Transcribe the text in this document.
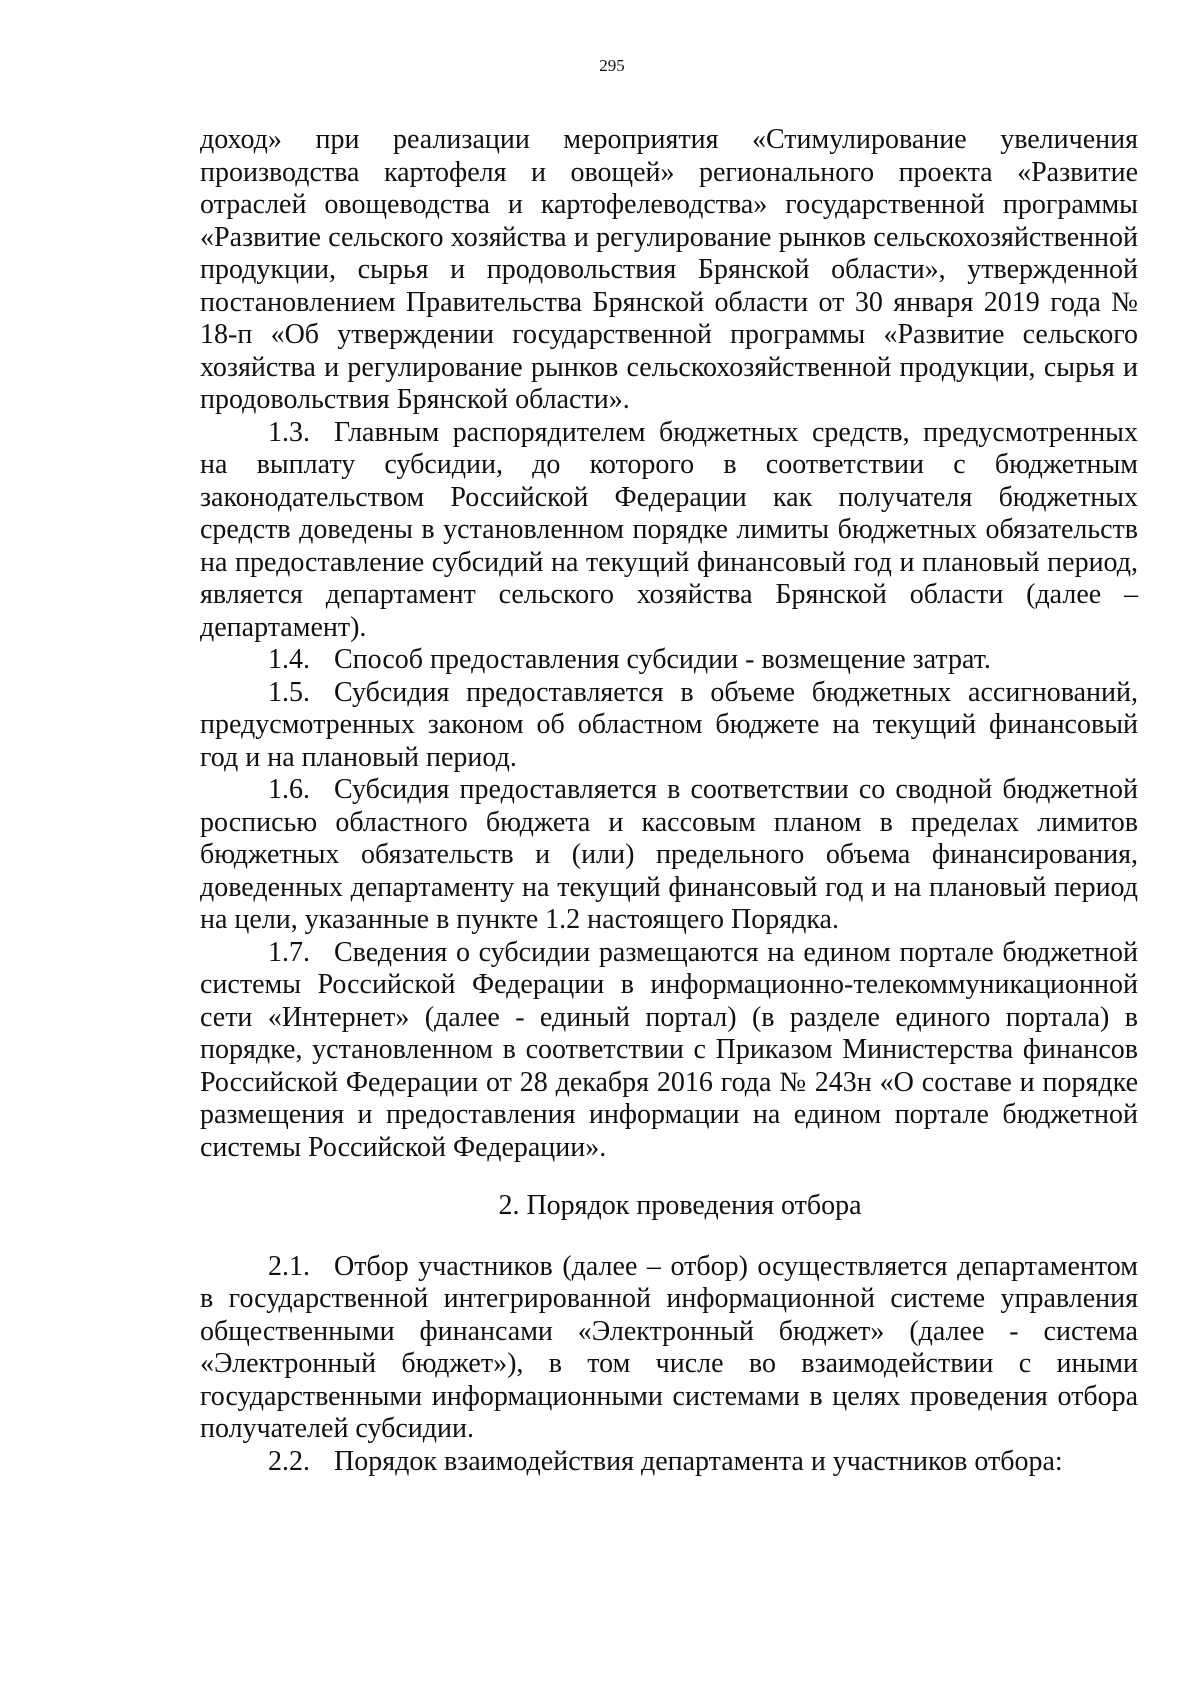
295

доход» при реализации мероприятия «Стимулирование увеличения производства картофеля и овощей» регионального проекта «Развитие отраслей овощеводства и картофелеводства» государственной программы «Развитие сельского хозяйства и регулирование рынков сельскохозяйственной продукции, сырья и продовольствия Брянской области», утвержденной постановлением Правительства Брянской области от 30 января 2019 года № 18-п «Об утверждении государственной программы «Развитие сельского хозяйства и регулирование рынков сельскохозяйственной продукции, сырья и продовольствия Брянской области».

1.3. Главным распорядителем бюджетных средств, предусмотренных на выплату субсидии, до которого в соответствии с бюджетным законодательством Российской Федерации как получателя бюджетных средств доведены в установленном порядке лимиты бюджетных обязательств на предоставление субсидий на текущий финансовый год и плановый период, является департамент сельского хозяйства Брянской области (далее – департамент).

1.4. Способ предоставления субсидии - возмещение затрат.

1.5. Субсидия предоставляется в объеме бюджетных ассигнований, предусмотренных законом об областном бюджете на текущий финансовый год и на плановый период.

1.6. Субсидия предоставляется в соответствии со сводной бюджетной росписью областного бюджета и кассовым планом в пределах лимитов бюджетных обязательств и (или) предельного объема финансирования, доведенных департаменту на текущий финансовый год и на плановый период на цели, указанные в пункте 1.2 настоящего Порядка.

1.7. Сведения о субсидии размещаются на едином портале бюджетной системы Российской Федерации в информационно-телекоммуникационной сети «Интернет» (далее - единый портал) (в разделе единого портала) в порядке, установленном в соответствии с Приказом Министерства финансов Российской Федерации от 28 декабря 2016 года № 243н «О составе и порядке размещения и предоставления информации на едином портале бюджетной системы Российской Федерации».

2. Порядок проведения отбора

2.1. Отбор участников (далее – отбор) осуществляется департаментом в государственной интегрированной информационной системе управления общественными финансами «Электронный бюджет» (далее - система «Электронный бюджет»), в том числе во взаимодействии с иными государственными информационными системами в целях проведения отбора получателей субсидии.

2.2. Порядок взаимодействия департамента и участников отбора:
